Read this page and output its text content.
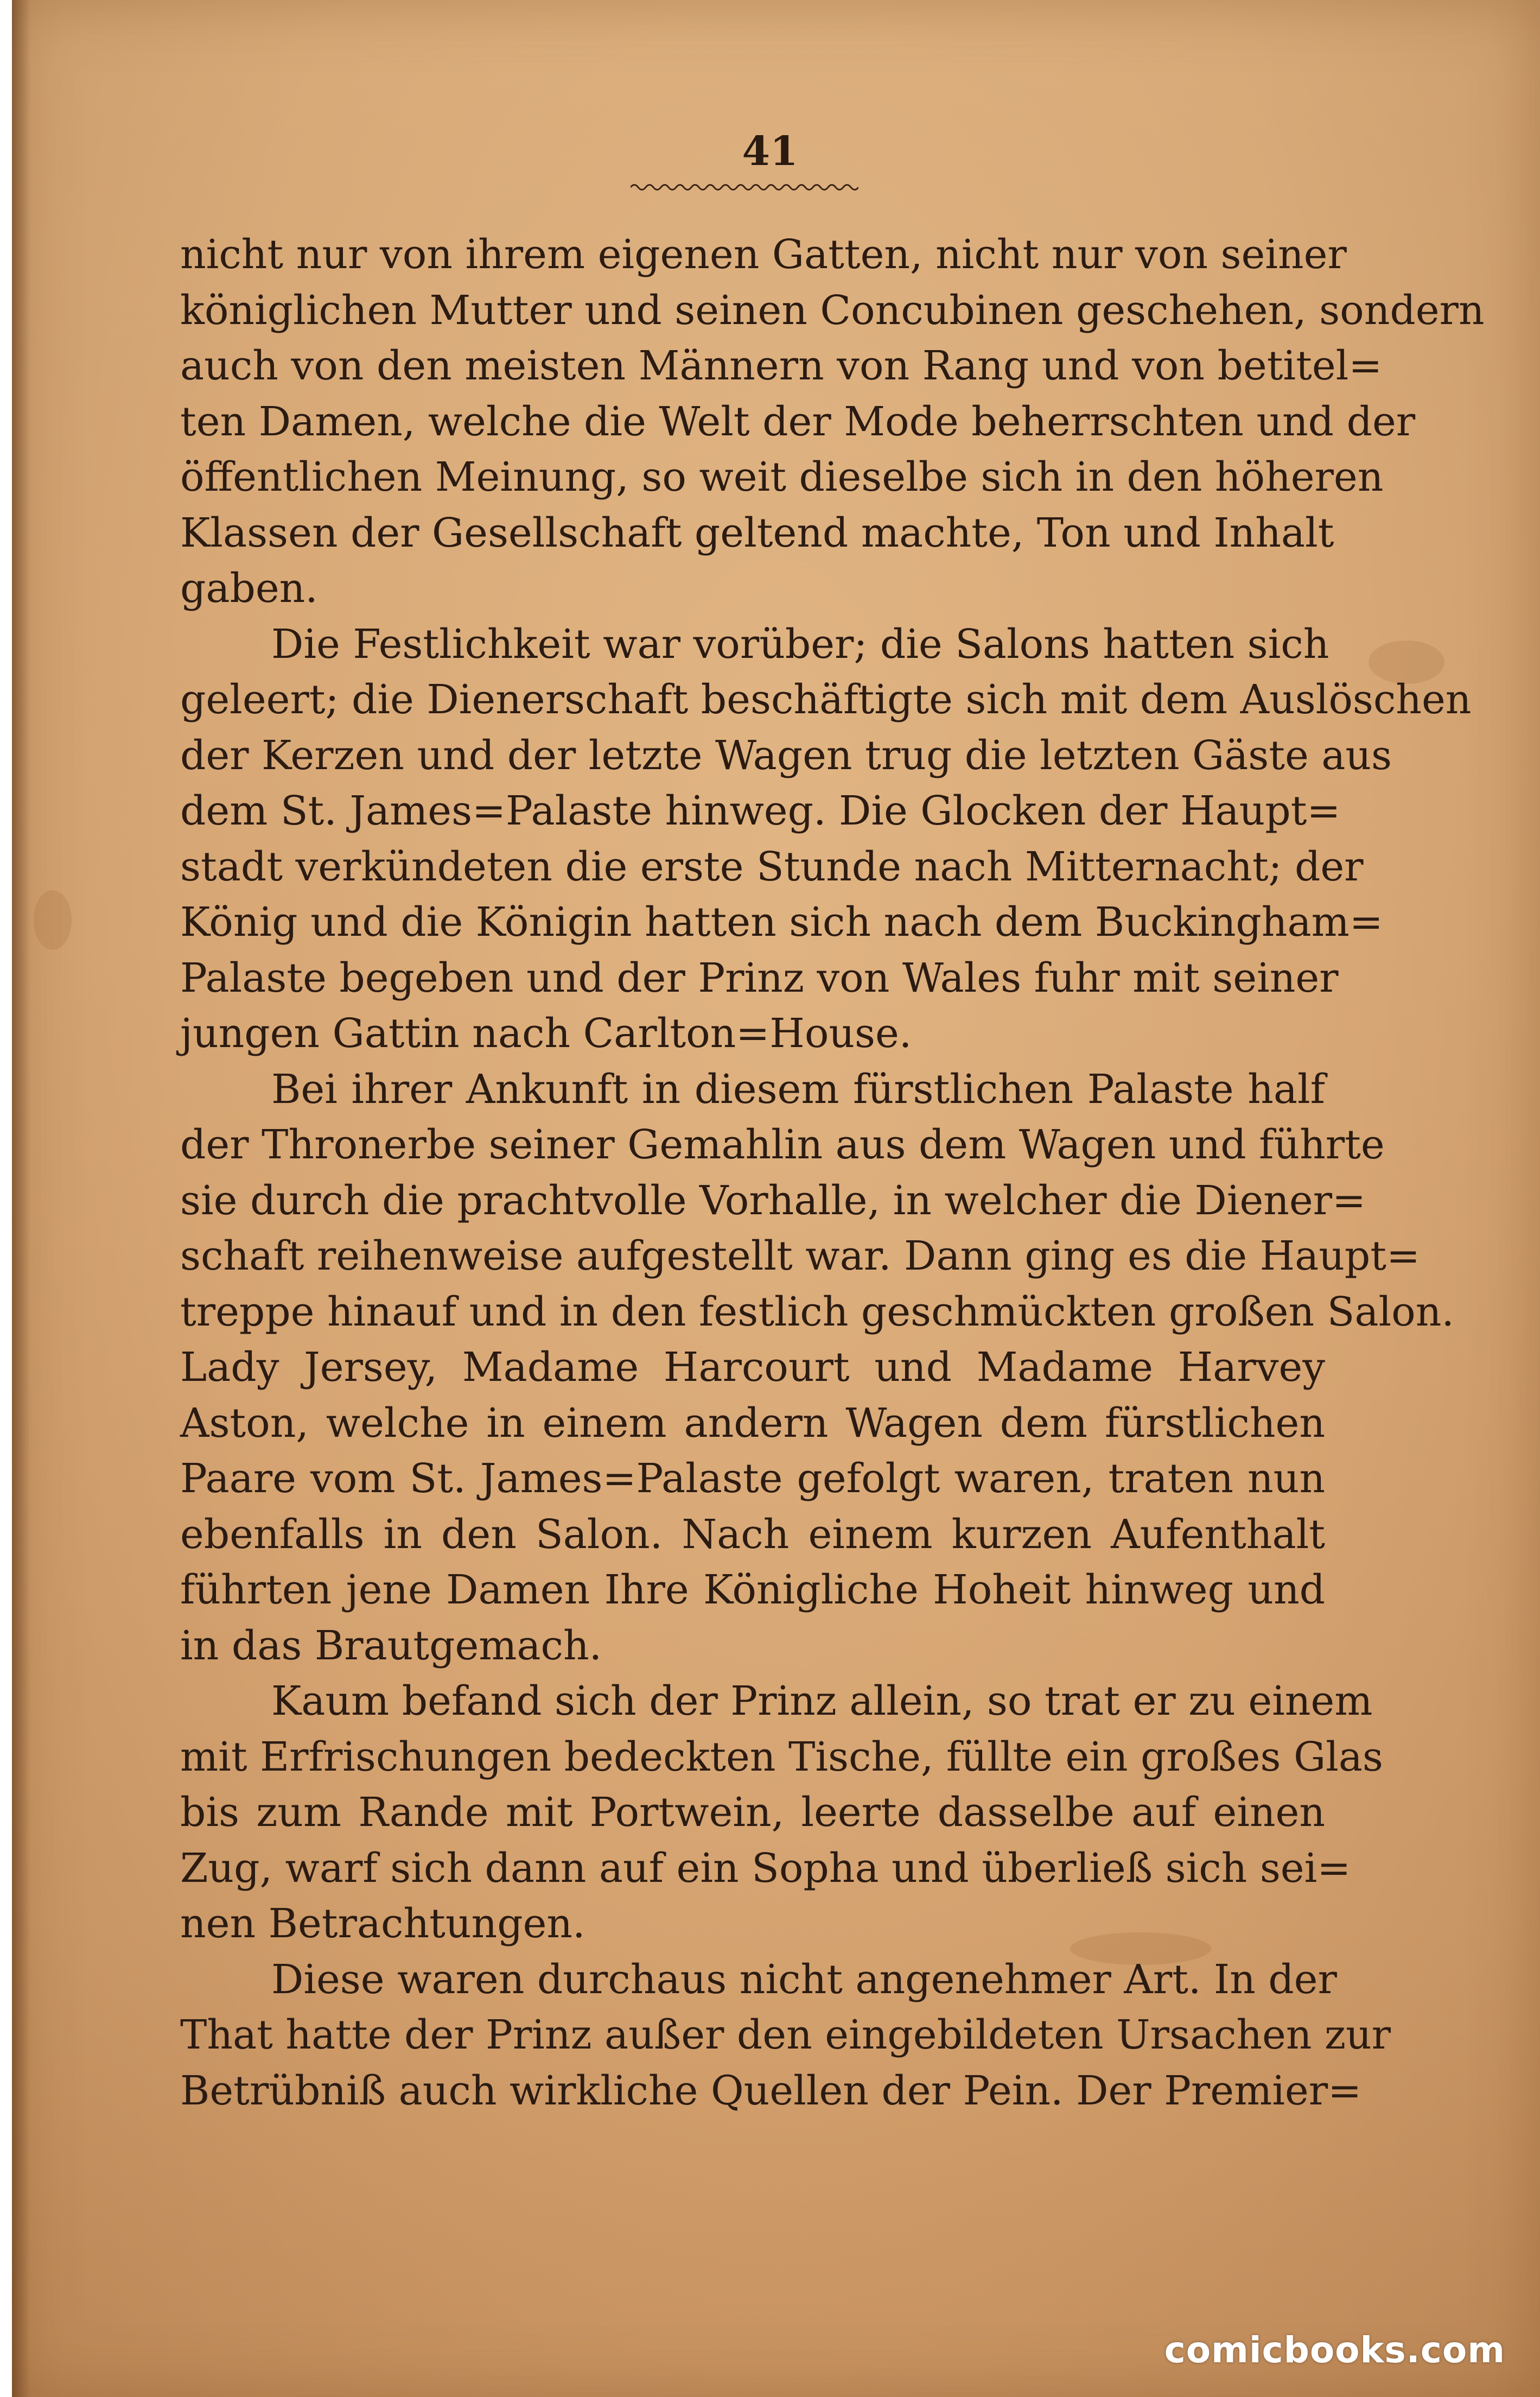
41
nicht nur von ihrem eigenen Gatten, nicht nur von seiner
königlichen Mutter und seinen Concubinen geschehen, sondern
auch von den meisten Männern von Rang und von betitel=
ten Damen, welche die Welt der Mode beherrschten und der
öffentlichen Meinung, so weit dieselbe sich in den höheren
Klassen der Gesellschaft geltend machte, Ton und Inhalt
gaben.
Die Festlichkeit war vorüber; die Salons hatten sich
geleert; die Dienerschaft beschäftigte sich mit dem Auslöschen
der Kerzen und der letzte Wagen trug die letzten Gäste aus
dem St. James=Palaste hinweg. Die Glocken der Haupt=
stadt verkündeten die erste Stunde nach Mitternacht; der
König und die Königin hatten sich nach dem Buckingham=
Palaste begeben und der Prinz von Wales fuhr mit seiner
jungen Gattin nach Carlton=House.
Bei ihrer Ankunft in diesem fürstlichen Palaste half
der Thronerbe seiner Gemahlin aus dem Wagen und führte
sie durch die prachtvolle Vorhalle, in welcher die Diener=
schaft reihenweise aufgestellt war. Dann ging es die Haupt=
treppe hinauf und in den festlich geschmückten großen Salon.
Lady Jersey, Madame Harcourt und Madame Harvey
Aston, welche in einem andern Wagen dem fürstlichen
Paare vom St. James=Palaste gefolgt waren, traten nun
ebenfalls in den Salon. Nach einem kurzen Aufenthalt
führten jene Damen Ihre Königliche Hoheit hinweg und
in das Brautgemach.
Kaum befand sich der Prinz allein, so trat er zu einem
mit Erfrischungen bedeckten Tische, füllte ein großes Glas
bis zum Rande mit Portwein, leerte dasselbe auf einen
Zug, warf sich dann auf ein Sopha und überließ sich sei=
nen Betrachtungen.
Diese waren durchaus nicht angenehmer Art. In der
That hatte der Prinz außer den eingebildeten Ursachen zur
Betrübniß auch wirkliche Quellen der Pein. Der Premier=
comicbooks.com
